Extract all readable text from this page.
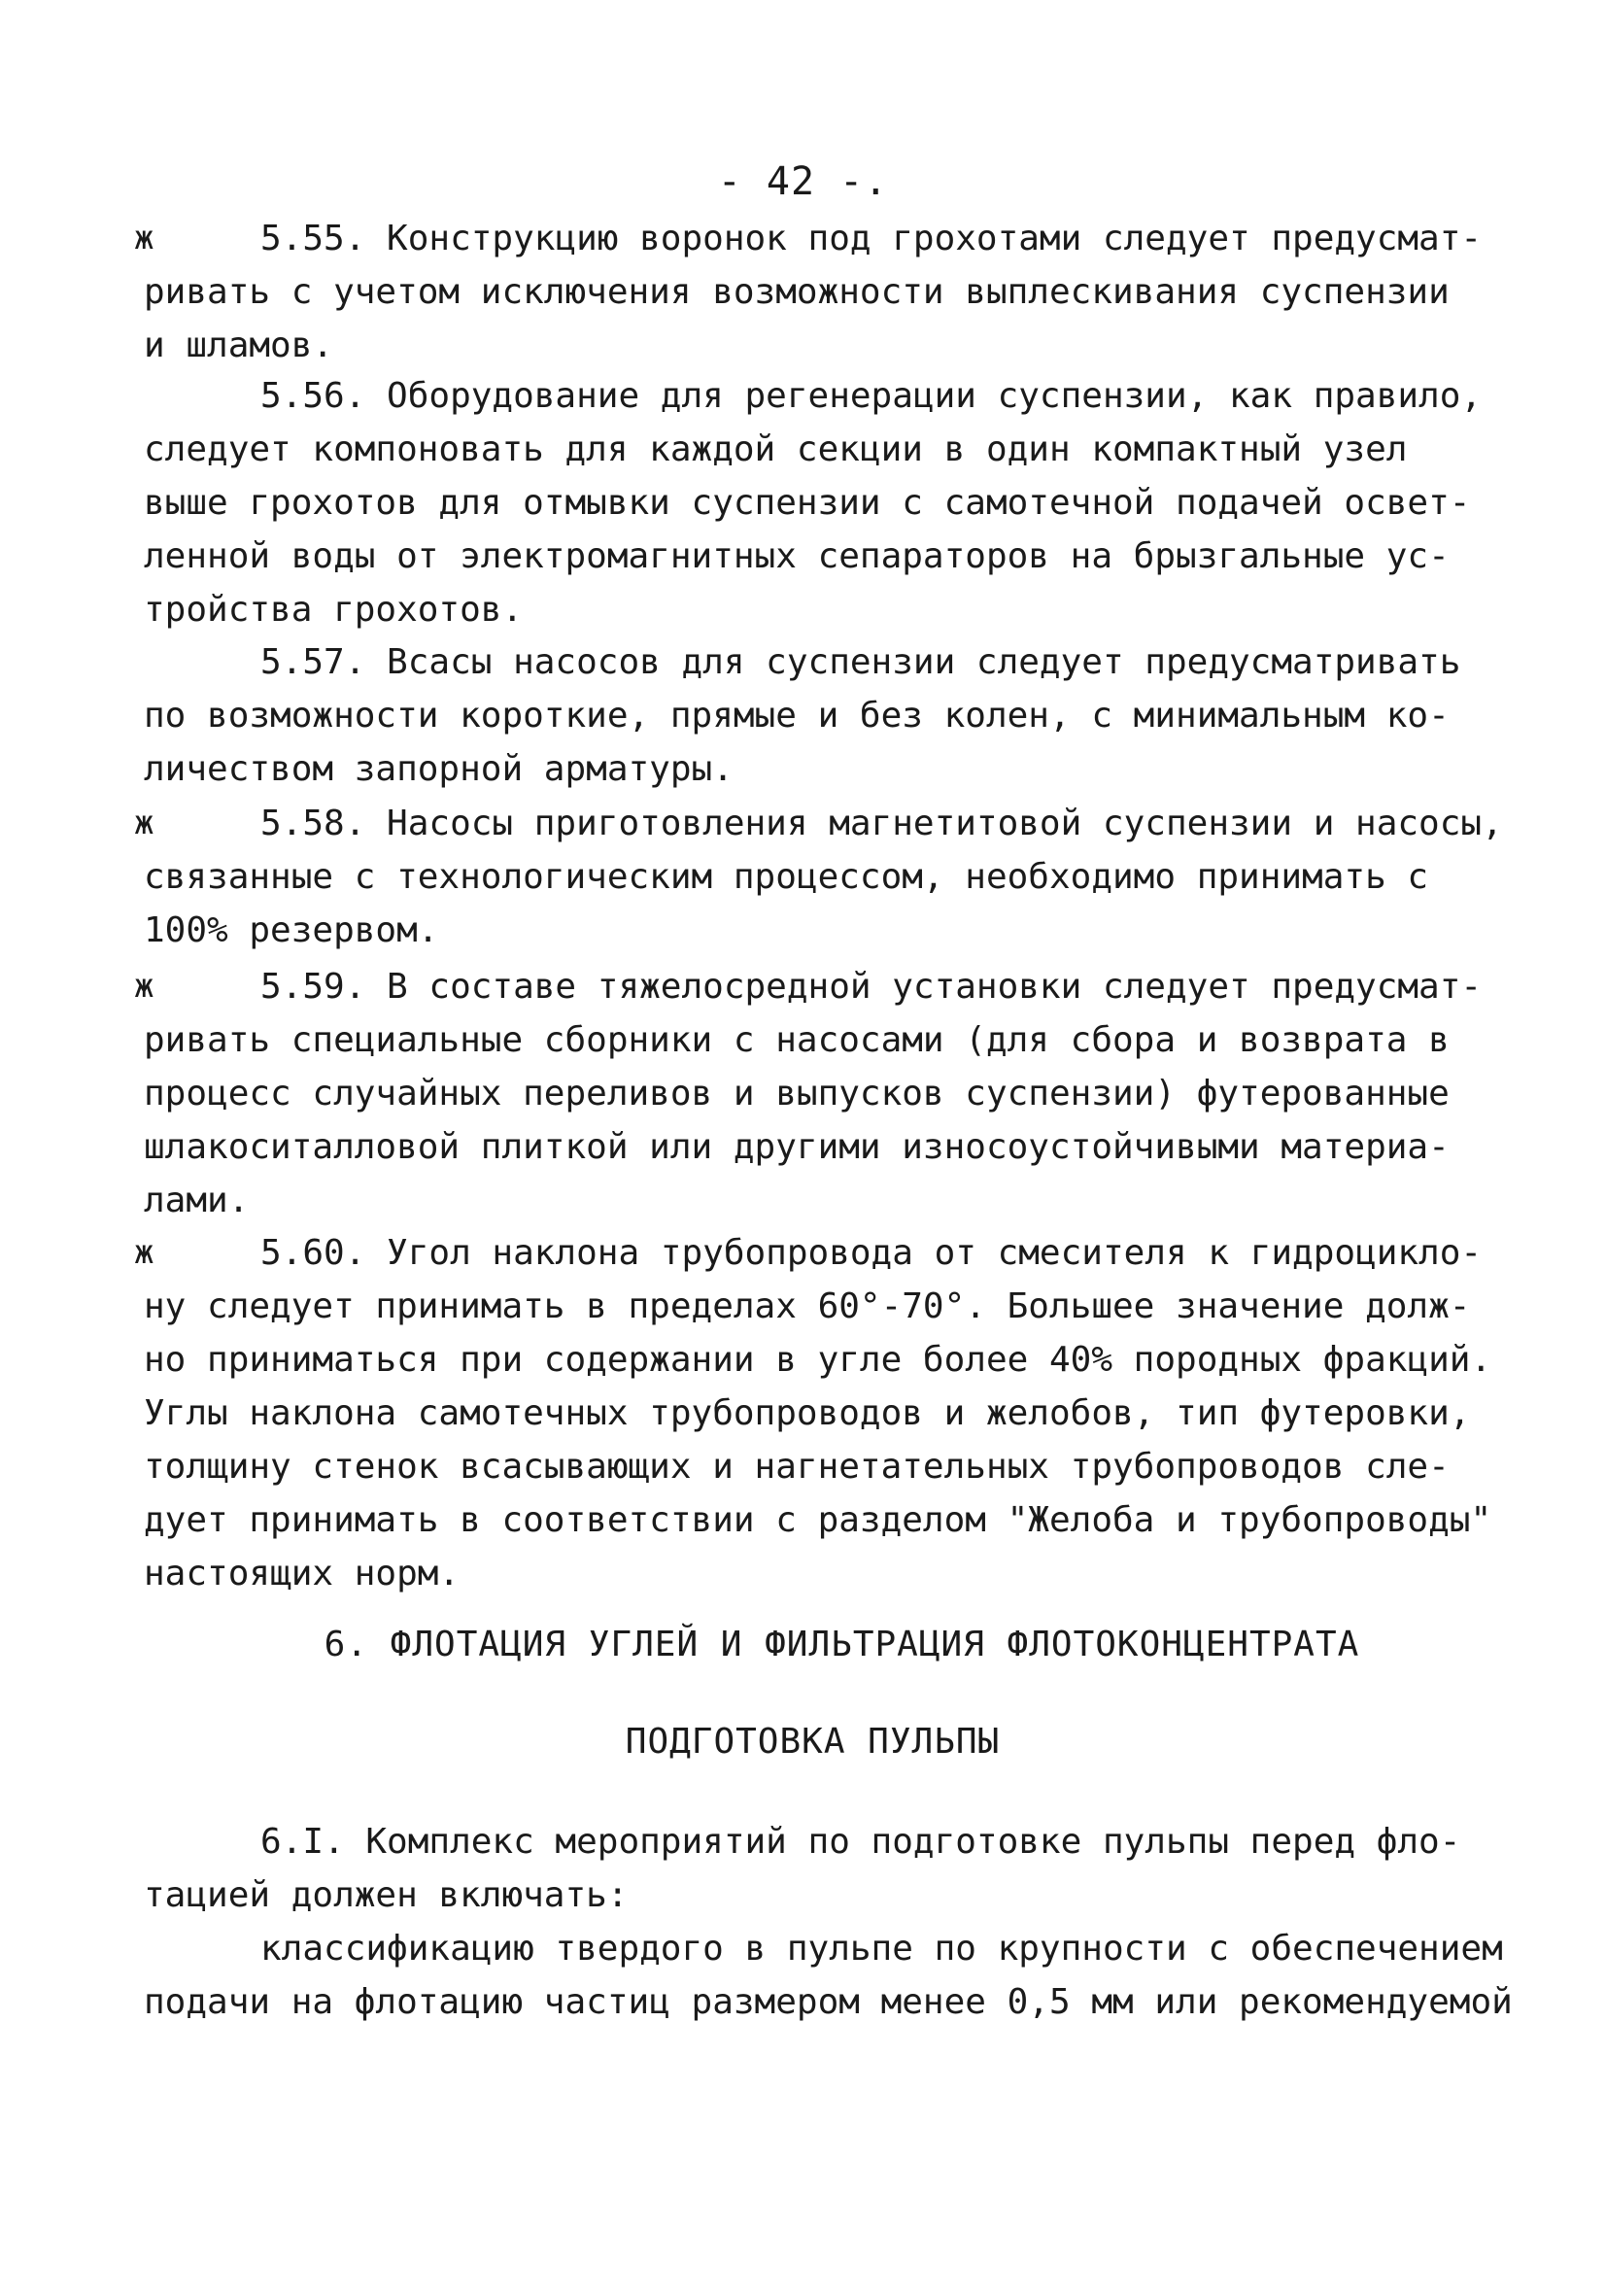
- 42 -.
ж	5.55. Конструкцию воронок под грохотами следует предусмат-
ривать с учетом исключения возможности выплескивания суспензии
и шламов.
5.56. Оборудование для регенерации суспензии, как правило,
следует компоновать для каждой секции в один компактный узел
выше грохотов для отмывки суспензии с самотечной подачей освет-
ленной воды от электромагнитных сепараторов на брызгальные ус-
тройства грохотов.
5.57. Всасы насосов для суспензии следует предусматривать
по возможности короткие, прямые и без колен, с минимальным ко-
личеством запорной арматуры.
ж	5.58. Насосы приготовления магнетитовой суспензии и насосы,
связанные с технологическим процессом, необходимо принимать с
100% резервом.
ж	5.59. В составе тяжелосредной установки следует предусмат-
ривать специальные сборники с насосами (для сбора и возврата в
процесс случайных переливов и выпусков суспензии) футерованные
шлакоситалловой плиткой или другими износоустойчивыми материа-
лами.
ж	5.60. Угол наклона трубопровода от смесителя к гидроциклo-
ну следует принимать в пределах 60°-70°. Большее значение долж-
но приниматься при содержании в угле более 40% породных фракций.
Углы наклона самотечных трубопроводов и желобов, тип футеровки,
толщину стенок всасывающих и нагнетательных трубопроводов сле-
дует принимать в соответствии с разделом "Желоба и трубопроводы"
настоящих норм.
6. ФЛОТАЦИЯ УГЛЕЙ И ФИЛЬТРАЦИЯ ФЛОТОКОНЦЕНТРАТА
ПОДГОТОВКА ПУЛЬПЫ
6.I. Комплекс мероприятий по подготовке пульпы перед фло-
тацией должен включать:
классификацию твердого в пульпе по крупности с обеспечением
подачи на флотацию частиц размером менее 0,5 мм или рекомендуемой
